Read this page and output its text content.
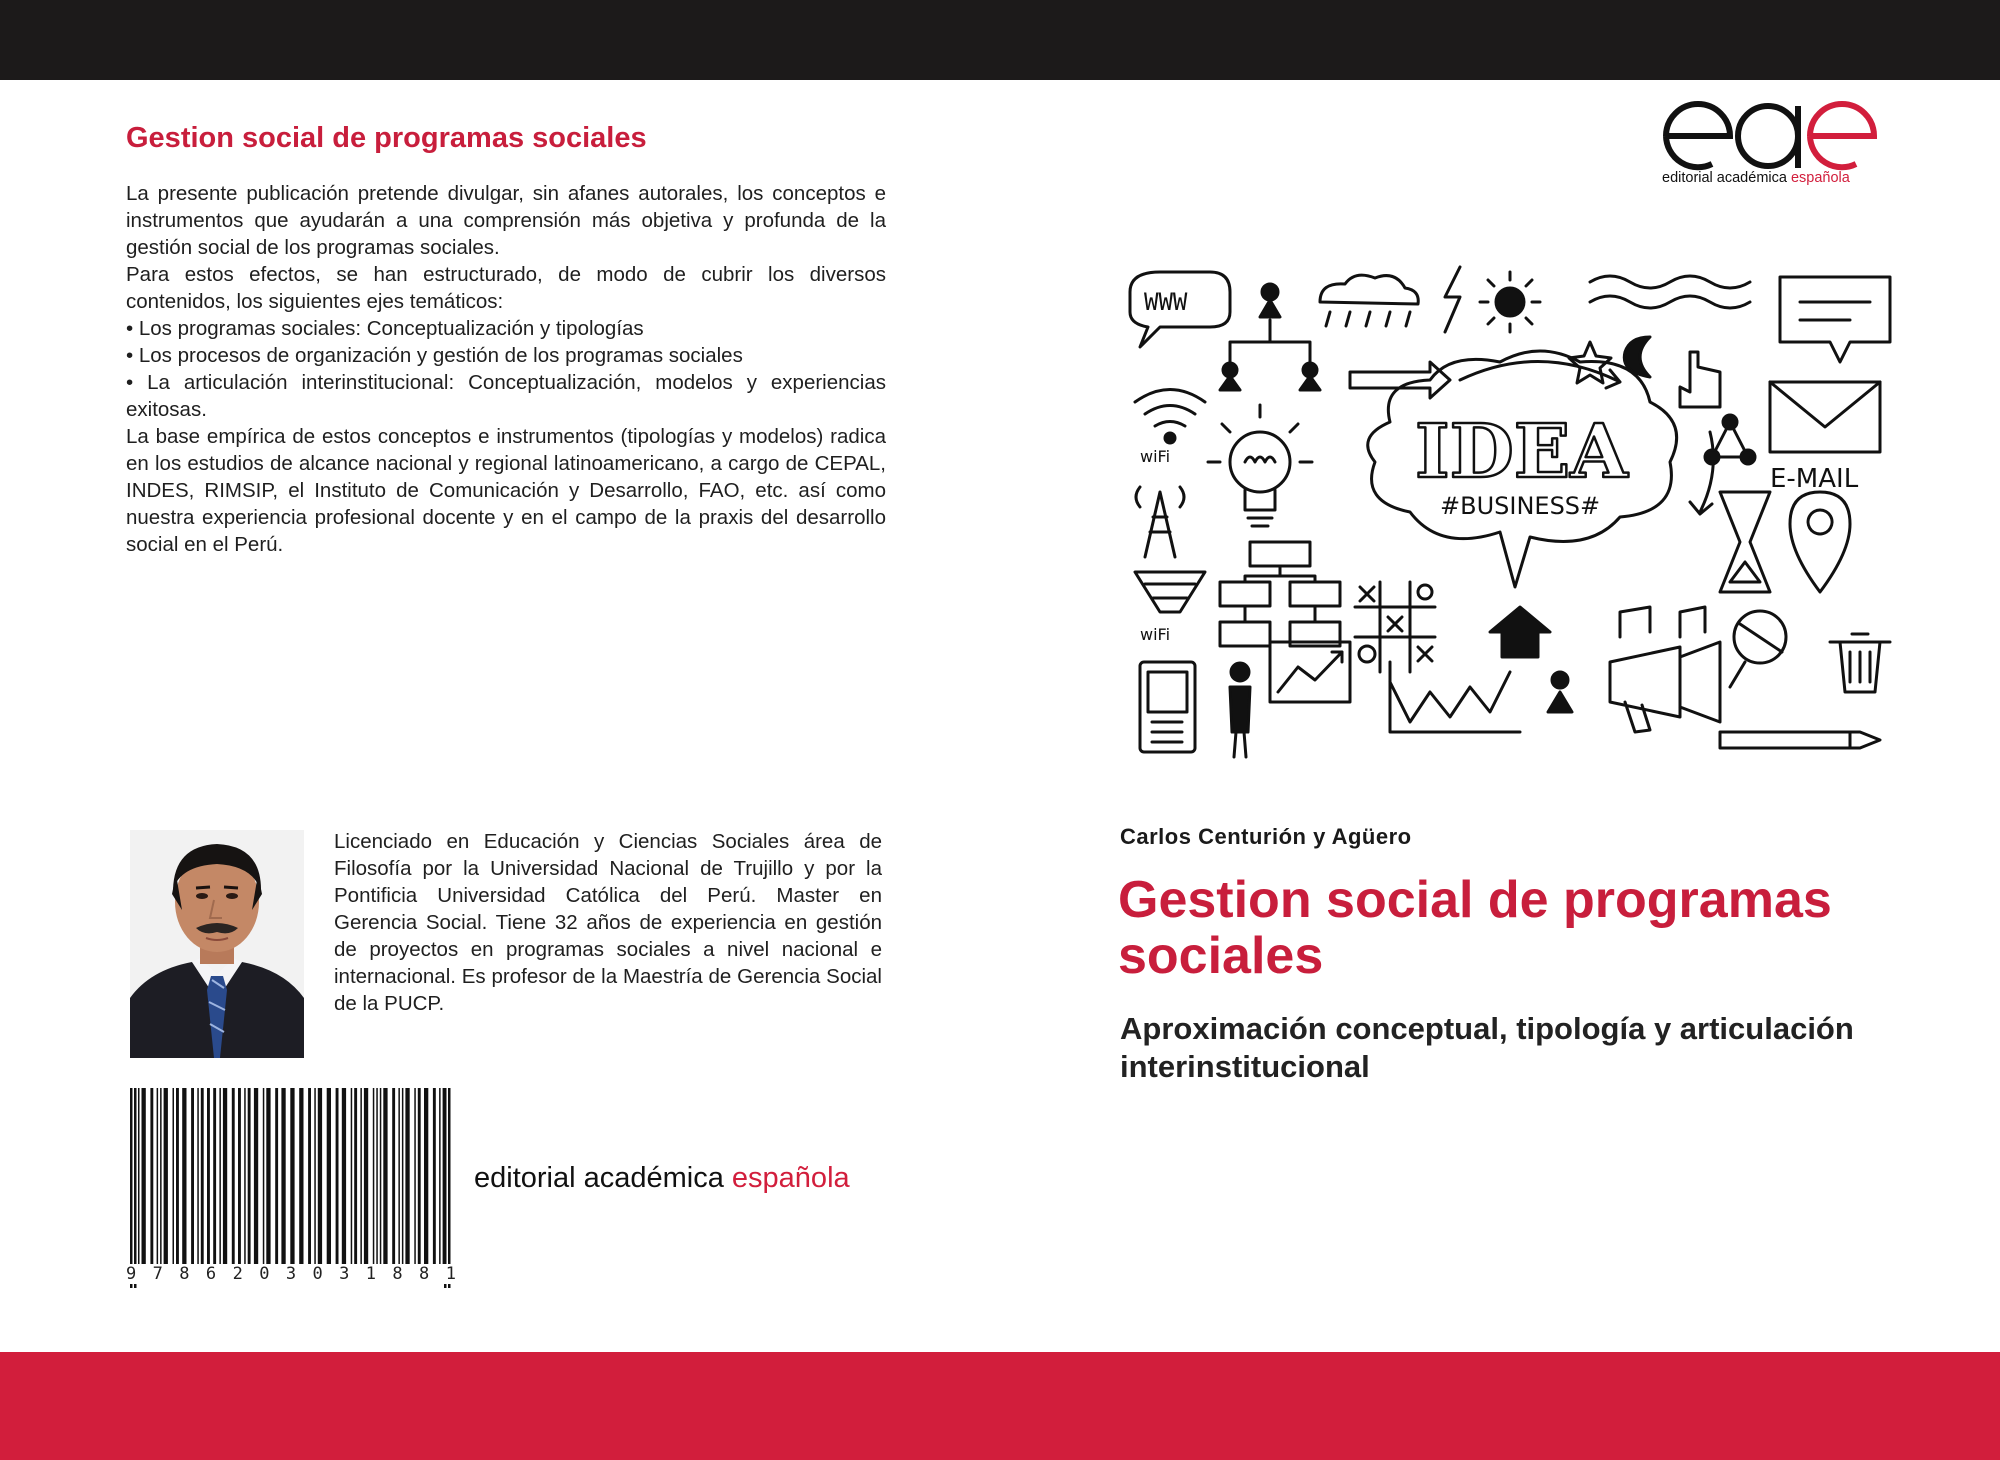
Gestion social de programas sociales

La presente publicación pretende divulgar, sin afanes autorales, los conceptos e instrumentos que ayudarán a una comprensión más objetiva y profunda de la gestión social de los programas sociales.

Para estos efectos, se han estructurado, de modo de cubrir los diversos contenidos, los siguientes ejes temáticos:

• Los programas sociales: Conceptualización y tipologías

• Los procesos de organización y gestión de los programas sociales

• La articulación interinstitucional: Conceptualización, modelos y experiencias exitosas.

La base empírica de estos conceptos e instrumentos (tipologías y modelos) radica en los estudios de alcance nacional y regional latinoamericano, a cargo de CEPAL, INDES, RIMSIP, el Instituto de Comunicación y Desarrollo, FAO, etc. así como nuestra experiencia profesional docente y en el campo de la praxis del desarrollo social en el Perú.

Licenciado en Educación y Ciencias Sociales área de Filosofía por la Universidad Nacional de Trujillo y por la Pontificia Universidad Católica del Perú. Master en Gerencia Social. Tiene 32 años de experiencia en gestión de proyectos en programas sociales a nivel nacional e internacional. Es profesor de la Maestría de Gerencia Social de la PUCP.
9 7 8 6 2 0 3 0 3 1 8 8 1
editorial académica española
editorial académica española
WWW
wiFi	IDEA
#BUSINESS#
E-MAIL
wiFi
Carlos Centurión y Agüero
Gestion social de programas sociales
Aproximación conceptual, tipología y articulación interinstitucional
